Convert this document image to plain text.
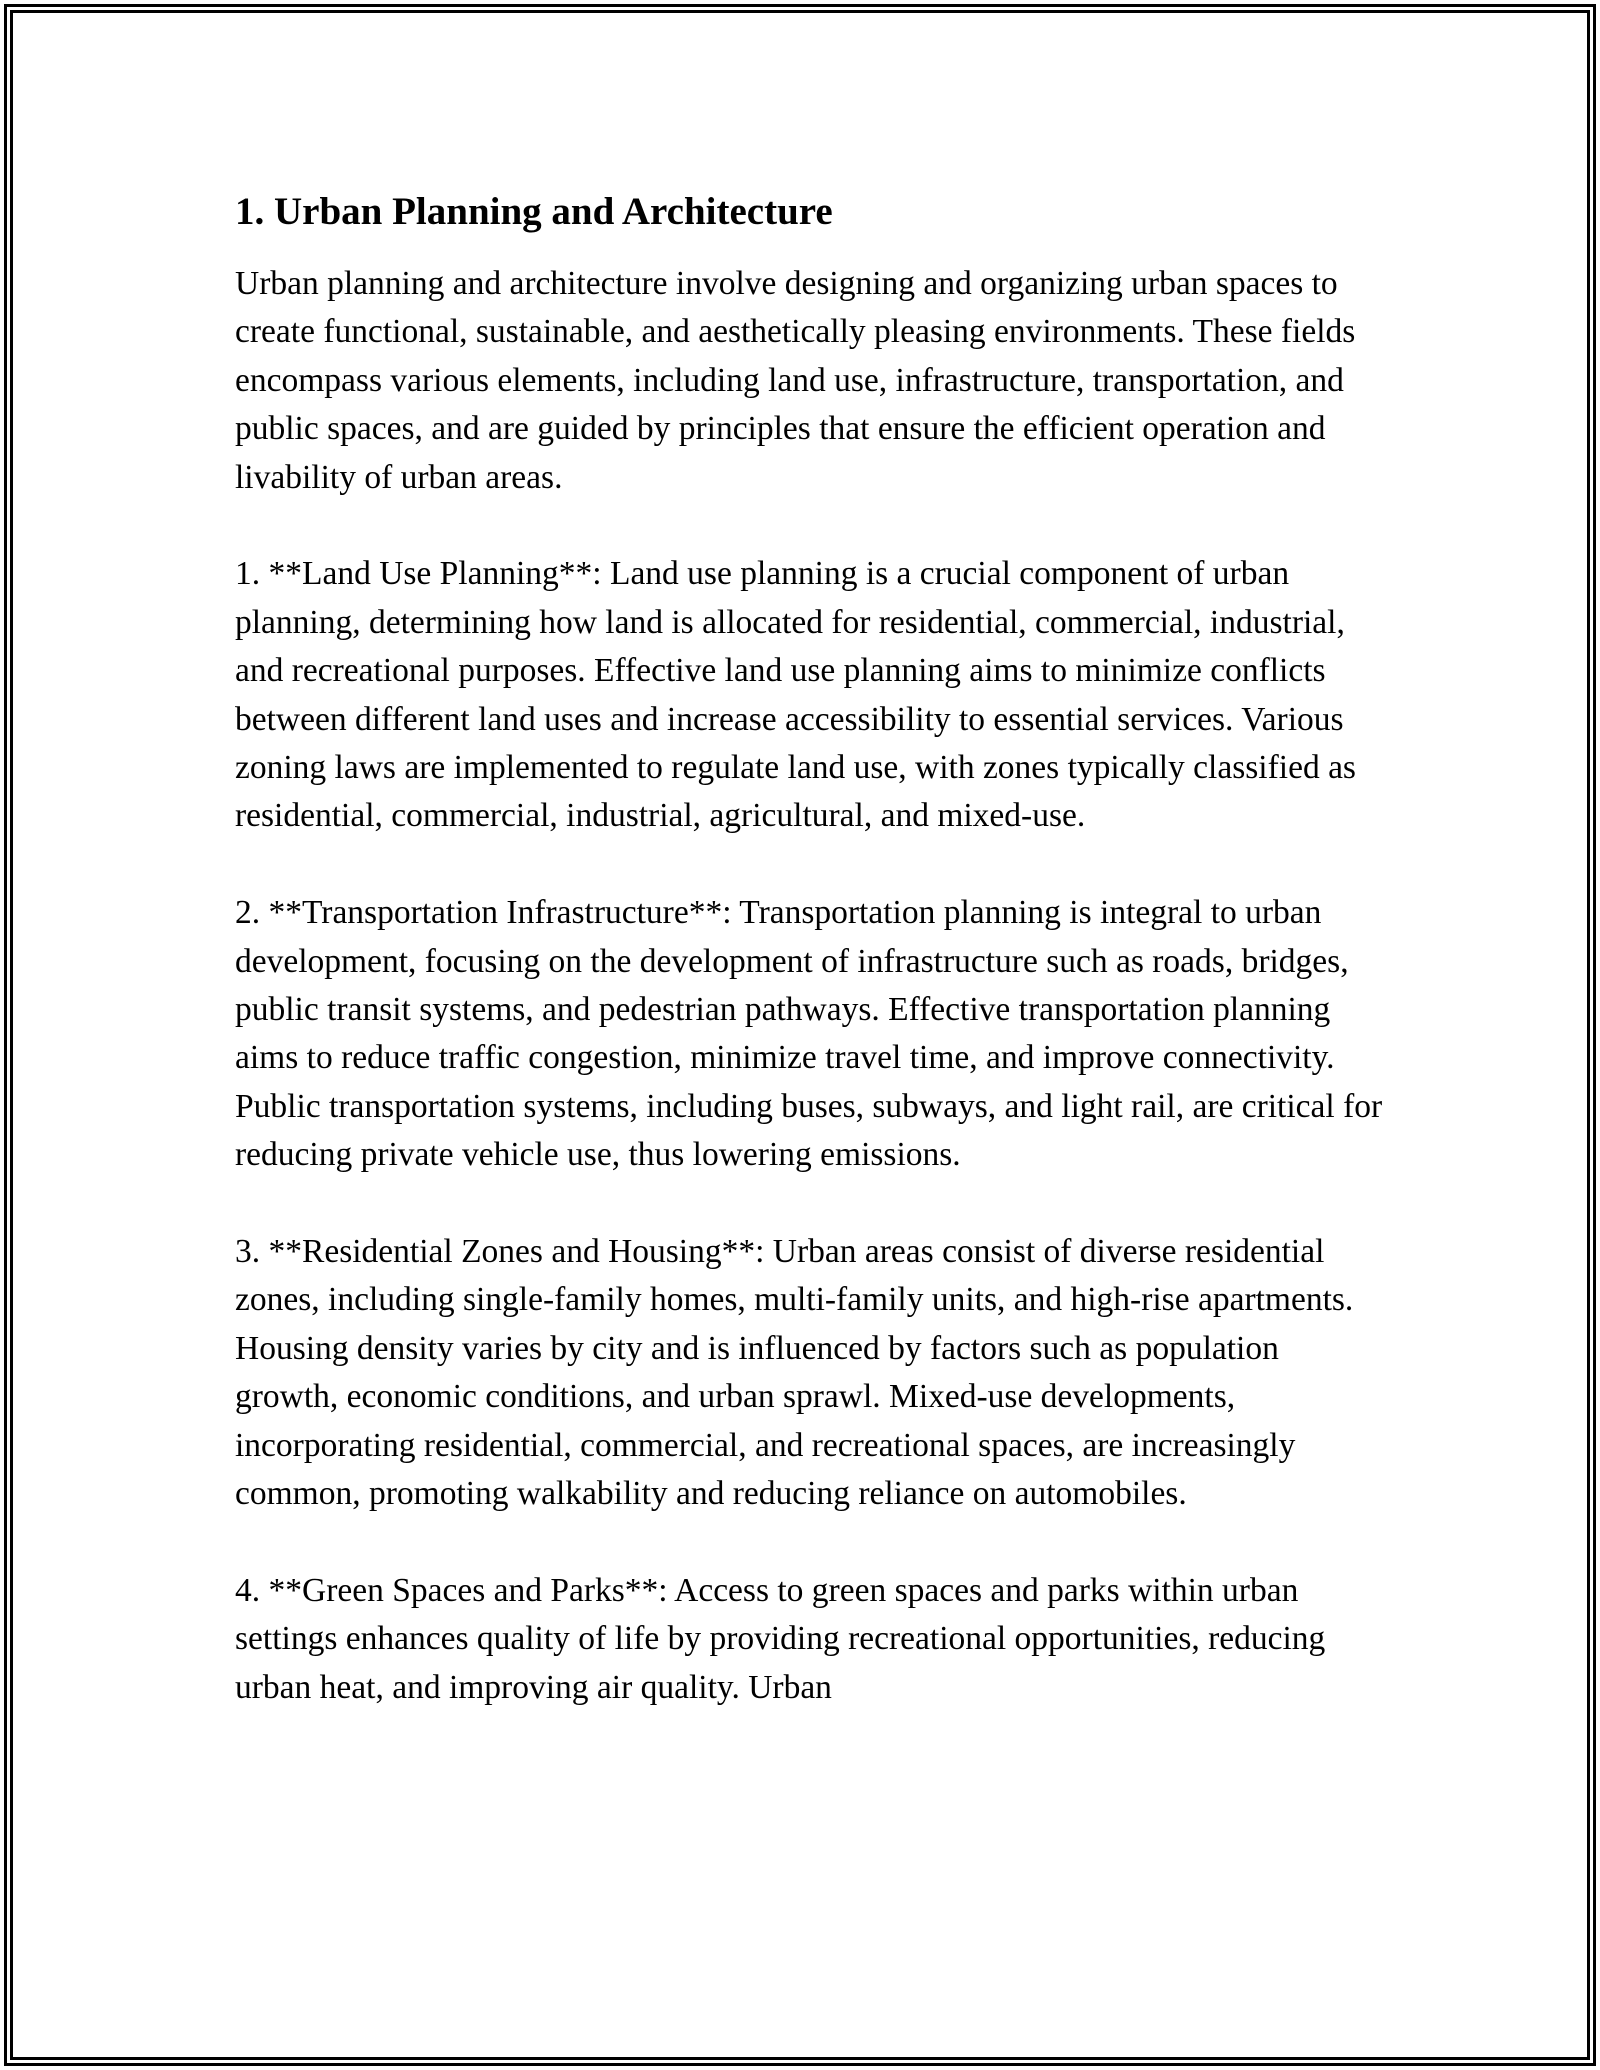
1. Urban Planning and Architecture

Urban planning and architecture involve designing and organizing urban spaces to create functional, sustainable, and aesthetically pleasing environments. These fields encompass various elements, including land use, infrastructure, transportation, and public spaces, and are guided by principles that ensure the efficient operation and livability of urban areas.

1. **Land Use Planning**: Land use planning is a crucial component of urban planning, determining how land is allocated for residential, commercial, industrial, and recreational purposes. Effective land use planning aims to minimize conflicts between different land uses and increase accessibility to essential services. Various zoning laws are implemented to regulate land use, with zones typically classified as residential, commercial, industrial, agricultural, and mixed-use.

2. **Transportation Infrastructure**: Transportation planning is integral to urban development, focusing on the development of infrastructure such as roads, bridges, public transit systems, and pedestrian pathways. Effective transportation planning aims to reduce traffic congestion, minimize travel time, and improve connectivity. Public transportation systems, including buses, subways, and light rail, are critical for reducing private vehicle use, thus lowering emissions.

3. **Residential Zones and Housing**: Urban areas consist of diverse residential zones, including single-family homes, multi-family units, and high-rise apartments. Housing density varies by city and is influenced by factors such as population growth, economic conditions, and urban sprawl. Mixed-use developments, incorporating residential, commercial, and recreational spaces, are increasingly common, promoting walkability and reducing reliance on automobiles.

4. **Green Spaces and Parks**: Access to green spaces and parks within urban settings enhances quality of life by providing recreational opportunities, reducing urban heat, and improving air quality. Urban
